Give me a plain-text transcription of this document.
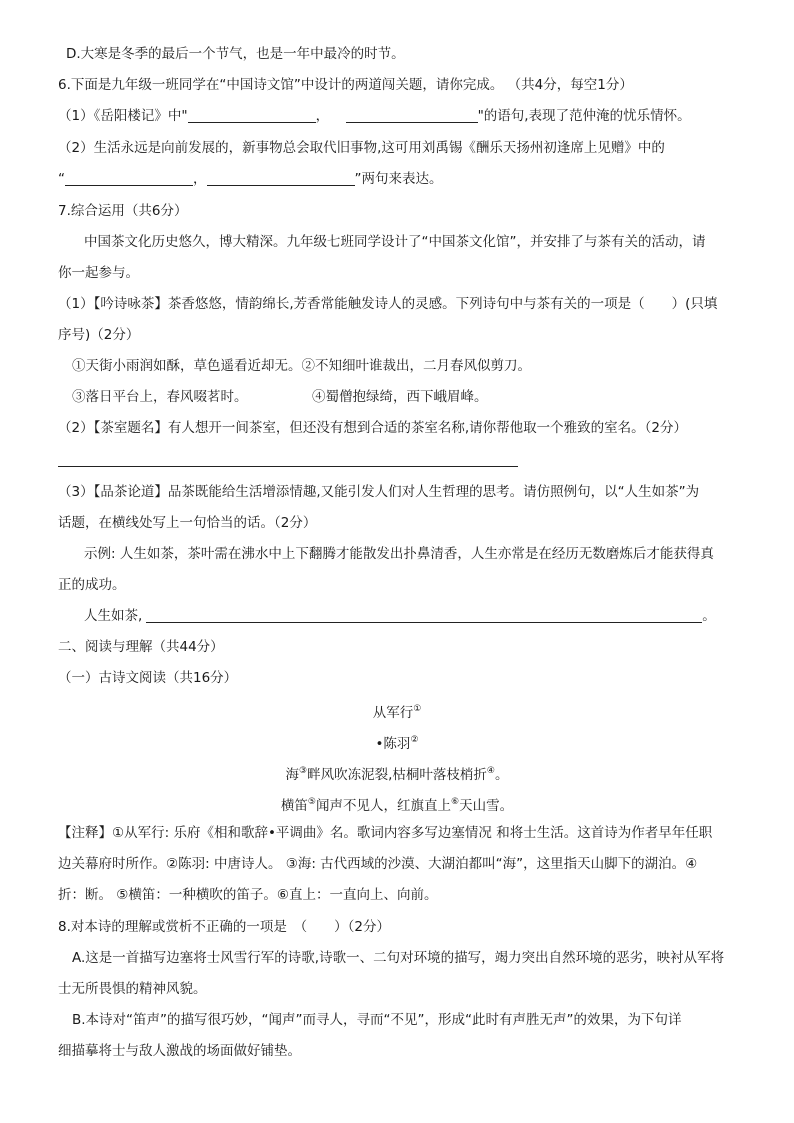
D.大寒是冬季的最后一个节气，也是一年中最冷的时节。
6.下面是九年级一班同学在“中国诗文馆”中设计的两道闯关题，请你完成。 （共4分，每空1分）
（1）《岳阳楼记》中"	，	"的语句,表现了范仲淹的忧乐情怀。
（2）生活永远是向前发展的，新事物总会取代旧事物,这可用刘禹锡《酬乐天扬州初逢席上见赠》中的
“	，	”两句来表达。
7.综合运用（共6分）
中国茶文化历史悠久，博大精深。九年级七班同学设计了“中国茶文化馆”，并安排了与茶有关的活动，请
你一起参与。
（1）【吟诗咏茶】茶香悠悠，情韵绵长,芳香常能触发诗人的灵感。下列诗句中与茶有关的一项是（　　）(只填
序号)（2分）
①天街小雨润如酥，草色遥看近却无。②不知细叶谁裁出，二月春风似剪刀。
③落日平台上，春风啜茗时。	④蜀僧抱绿绮，西下峨眉峰。
（2）【茶室题名】有人想开一间茶室，但还没有想到合适的茶室名称,请你帮他取一个雅致的室名。（2分）
（3）【品茶论道】品茶既能给生活增添情趣,又能引发人们对人生哲理的思考。请仿照例句，以“人生如茶”为
话题，在横线处写上一句恰当的话。（2分）
示例: 人生如茶，茶叶需在沸水中上下翻腾才能散发出扑鼻清香，人生亦常是在经历无数磨炼后才能获得真
正的成功。
人生如茶,	。
二、阅读与理解（共44分）
（一）古诗文阅读（共16分）
从军行①
•陈羽②
海③畔风吹冻泥裂,枯桐叶落枝梢折④。
横笛⑤闻声不见人，红旗直上⑥天山雪。
【注释】①从军行: 乐府《相和歌辞•平调曲》名。歌词内容多写边塞情况 和将士生活。这首诗为作者早年任职
边关幕府时所作。②陈羽: 中唐诗人。 ③海: 古代西域的沙漠、大湖泊都叫“海”，这里指天山脚下的湖泊。④
折：断。 ⑤横笛：一种横吹的笛子。⑥直上：一直向上、向前。
8.对本诗的理解或赏析不正确的一项是　（　　）（2分）
A.这是一首描写边塞将士风雪行军的诗歌,诗歌一、二句对环境的描写，竭力突出自然环境的恶劣，映衬从军将
士无所畏惧的精神风貌。
B.本诗对“笛声”的描写很巧妙，“闻声”而寻人，寻而“不见”，形成“此时有声胜无声”的效果，为下句详
细描摹将士与敌人激战的场面做好铺垫。
